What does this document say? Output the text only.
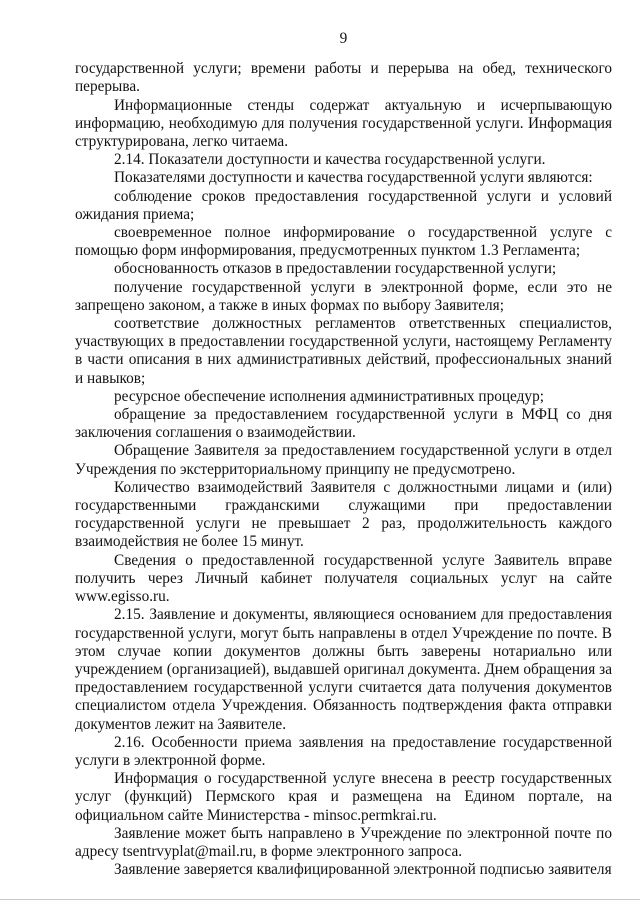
9

государственной услуги; времени работы и перерыва на обед, технического перерыва.

Информационные стенды содержат актуальную и исчерпывающую информацию, необходимую для получения государственной услуги. Информация структурирована, легко читаема.

2.14. Показатели доступности и качества государственной услуги.

Показателями доступности и качества государственной услуги являются:

соблюдение сроков предоставления государственной услуги и условий ожидания приема;

своевременное полное информирование о государственной услуге с помощью форм информирования, предусмотренных пунктом 1.3 Регламента;

обоснованность отказов в предоставлении государственной услуги;

получение государственной услуги в электронной форме, если это не запрещено законом, а также в иных формах по выбору Заявителя;

соответствие должностных регламентов ответственных специалистов, участвующих в предоставлении государственной услуги, настоящему Регламенту в части описания в них административных действий, профессиональных знаний и навыков;

ресурсное обеспечение исполнения административных процедур;

обращение за предоставлением государственной услуги в МФЦ со дня заключения соглашения о взаимодействии.

Обращение Заявителя за предоставлением государственной услуги в отдел Учреждения по экстерриториальному принципу не предусмотрено.

Количество взаимодействий Заявителя с должностными лицами и (или) государственными гражданскими служащими при предоставлении государственной услуги не превышает 2 раз, продолжительность каждого взаимодействия не более 15 минут.

Сведения о предоставленной государственной услуге Заявитель вправе получить через Личный кабинет получателя социальных услуг на сайте www.egisso.ru.

2.15. Заявление и документы, являющиеся основанием для предоставления государственной услуги, могут быть направлены в отдел Учреждение по почте. В этом случае копии документов должны быть заверены нотариально или учреждением (организацией), выдавшей оригинал документа. Днем обращения за предоставлением государственной услуги считается дата получения документов специалистом отдела Учреждения. Обязанность подтверждения факта отправки документов лежит на Заявителе.

2.16. Особенности приема заявления на предоставление государственной услуги в электронной форме.

Информация о государственной услуге внесена в реестр государственных услуг (функций) Пермского края и размещена на Едином портале, на официальном сайте Министерства - minsoc.permkrai.ru.

Заявление может быть направлено в Учреждение по электронной почте по адресу tsentrvyplat@mail.ru, в форме электронного запроса.

Заявление заверяется квалифицированной электронной подписью заявителя
